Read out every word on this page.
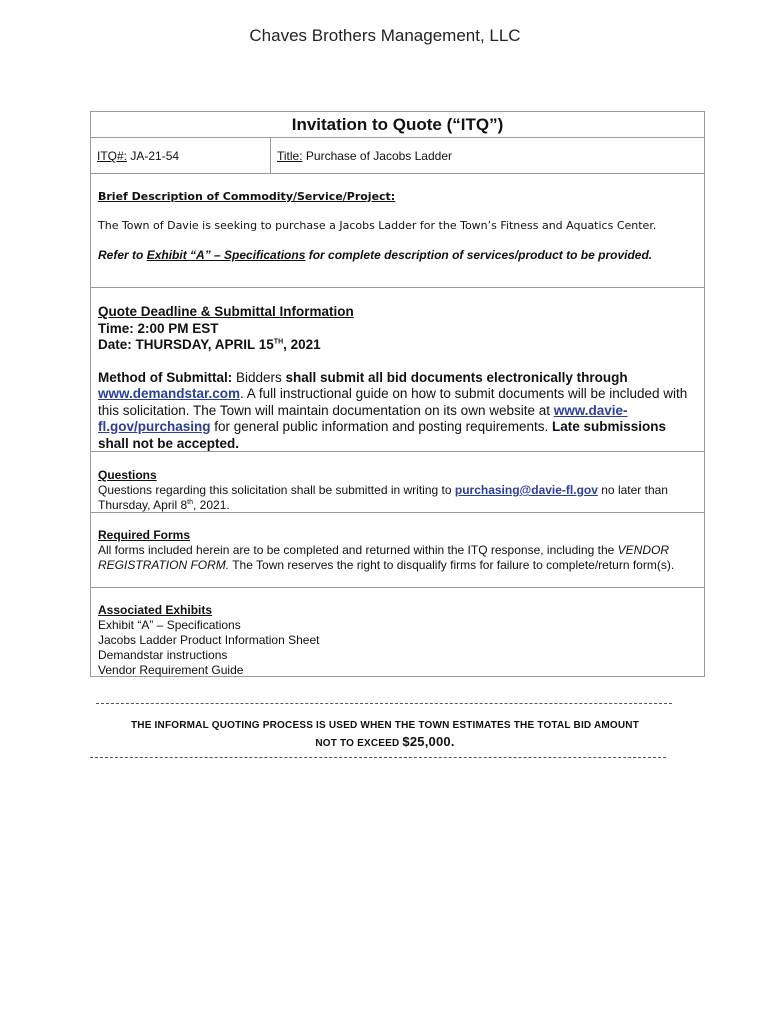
Chaves Brothers Management, LLC
Invitation to Quote (“ITQ”)
ITQ#: JA-21-54	Title: Purchase of Jacobs Ladder
Brief Description of Commodity/Service/Project:
The Town of Davie is seeking to purchase a Jacobs Ladder for the Town’s Fitness and Aquatics Center.
Refer to Exhibit “A” – Specifications for complete description of services/product to be provided.
Quote Deadline & Submittal Information
Time: 2:00 PM EST
Date: THURSDAY, APRIL 15TH, 2021
Method of Submittal: Bidders shall submit all bid documents electronically through www.demandstar.com. A full instructional guide on how to submit documents will be included with this solicitation. The Town will maintain documentation on its own website at www.davie-fl.gov/purchasing for general public information and posting requirements. Late submissions shall not be accepted.
Questions
Questions regarding this solicitation shall be submitted in writing to purchasing@davie-fl.gov no later than Thursday, April 8th, 2021.
Required Forms
All forms included herein are to be completed and returned within the ITQ response, including the VENDOR REGISTRATION FORM. The Town reserves the right to disqualify firms for failure to complete/return form(s).
Associated Exhibits
Exhibit “A” – Specifications
Jacobs Ladder Product Information Sheet
Demandstar instructions
Vendor Requirement Guide
THE INFORMAL QUOTING PROCESS IS USED WHEN THE TOWN ESTIMATES THE TOTAL BID AMOUNT
NOT TO EXCEED $25,000.
